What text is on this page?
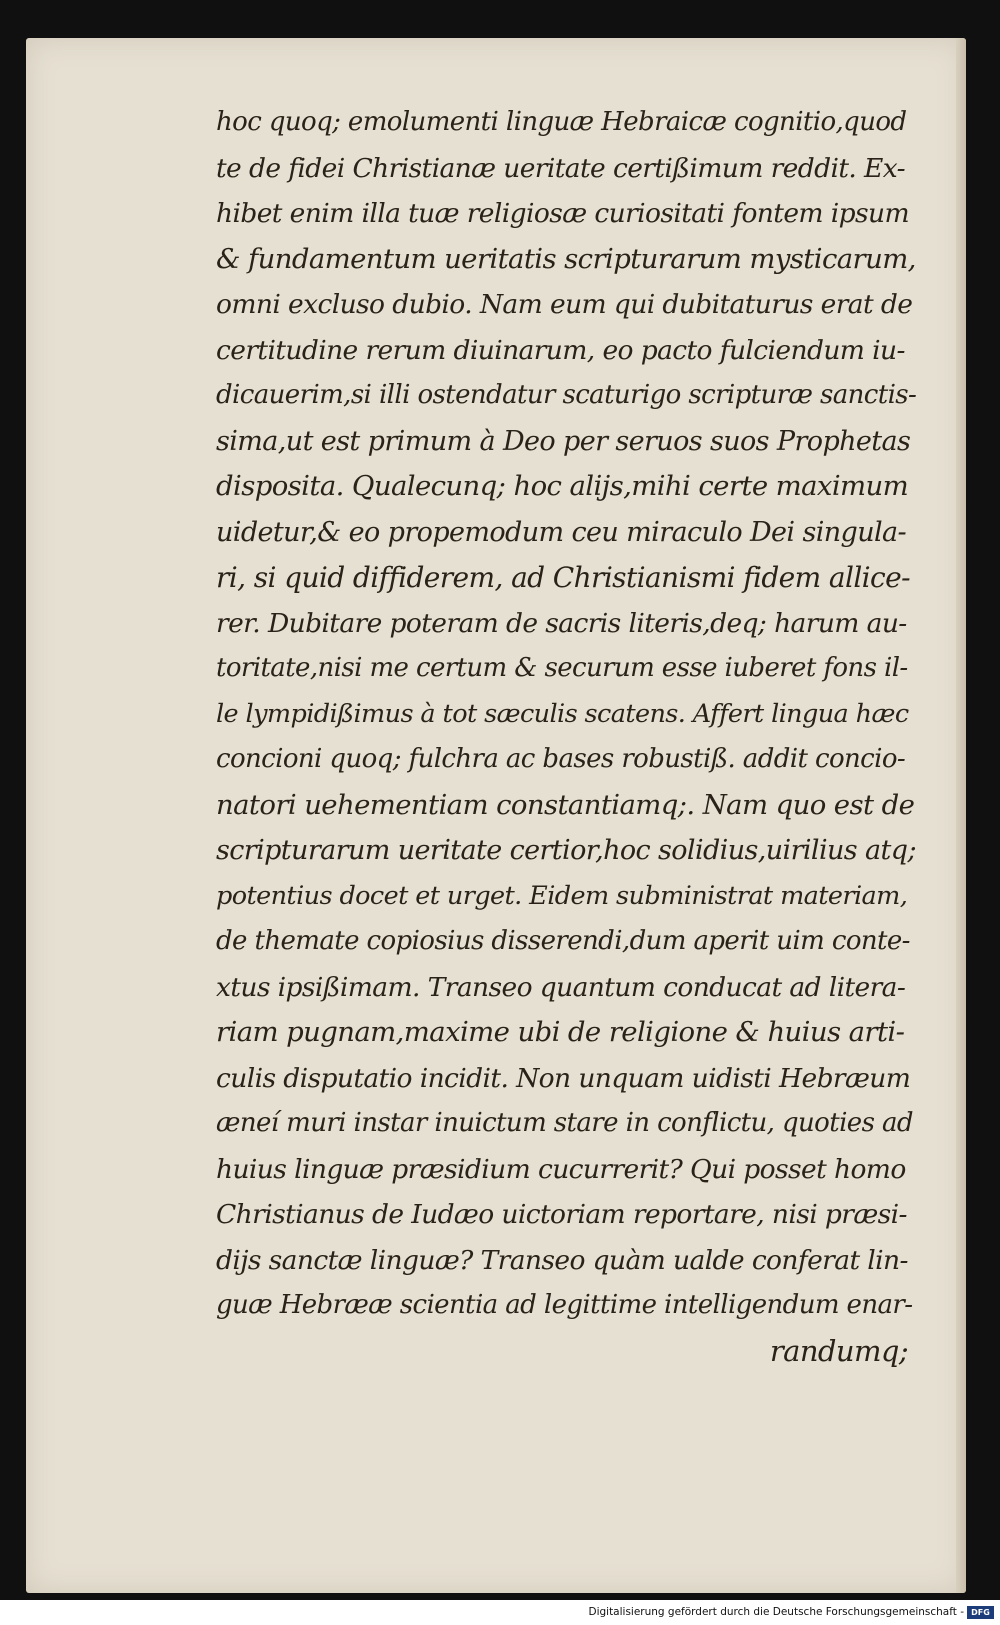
hoc quoq; emolumenti linguæ Hebraicæ cognitio,quod
te de fidei Christianæ ueritate certißimum reddit. Ex-
hibet enim illa tuæ religiosæ curiositati fontem ipsum
& fundamentum ueritatis scripturarum mysticarum,
omni excluso dubio. Nam eum qui dubitaturus erat de
certitudine rerum diuinarum, eo pacto fulciendum iu-
dicauerim,si illi ostendatur scaturigo scripturæ sanctis-
sima,ut est primum à Deo per seruos suos Prophetas
disposita. Qualecunq; hoc alijs,mihi certe maximum
uidetur,& eo propemodum ceu miraculo Dei singula-
ri, si quid diffiderem, ad Christianismi fidem allice-
rer. Dubitare poteram de sacris literis,deq; harum au-
toritate,nisi me certum & securum esse iuberet fons il-
le lympidißimus à tot sæculis scatens. Affert lingua hæc
concioni quoq; fulchra ac bases robustiß. addit concio-
natori uehementiam constantiamq;. Nam quo est de
scripturarum ueritate certior,hoc solidius,uirilius atq;
potentius docet et urget. Eidem subministrat materiam,
de themate copiosius disserendi,dum aperit uim conte-
xtus ipsißimam. Transeo quantum conducat ad litera-
riam pugnam,maxime ubi de religione & huius arti-
culis disputatio incidit. Non unquam uidisti Hebræum
æneí muri instar inuictum stare in conflictu, quoties ad
huius linguæ præsidium cucurrerit? Qui posset homo
Christianus de Iudæo uictoriam reportare, nisi præsi-
dijs sanctæ linguæ? Transeo quàm ualde conferat lin-
guæ Hebrææ scientia ad legittime intelligendum enar-
randumq;
Digitalisierung gefördert durch die Deutsche Forschungsgemeinschaft - DFG
